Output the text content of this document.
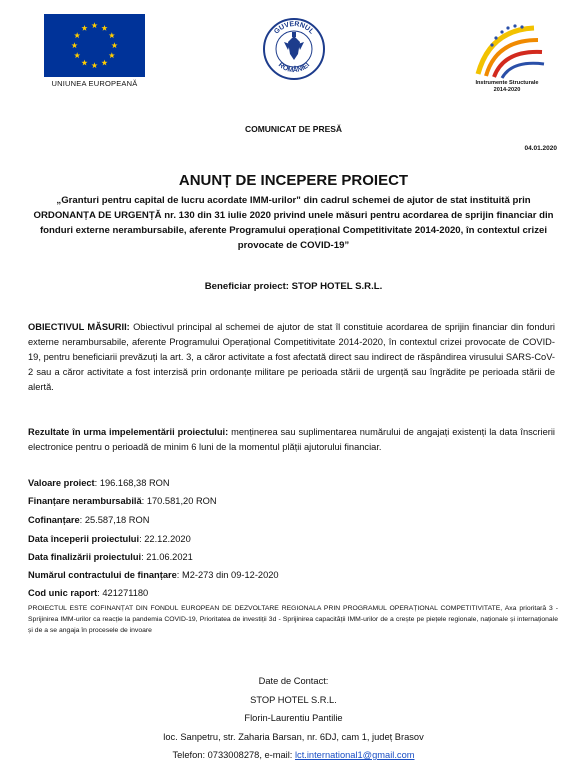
UNIUNEA EUROPEANĂ
GUVERNUL
ROMÂNIEI
Instrumente Structurale
2014-2020
COMUNICAT DE PRESĂ
04.01.2020
ANUNȚ DE INCEPERE PROIECT
„Granturi pentru capital de lucru acordate IMM-urilor" din cadrul schemei de ajutor de stat instituită prin ORDONANȚA DE URGENȚĂ nr. 130 din 31 iulie 2020 privind unele măsuri pentru acordarea de sprijin financiar din fonduri externe nerambursabile, aferente Programului operațional Competitivitate 2014-2020, în contextul crizei provocate de COVID-19”
Beneficiar proiect: STOP HOTEL S.R.L.
OBIECTIVUL MĂSURII: Obiectivul principal al schemei de ajutor de stat îl constituie acordarea de sprijin financiar din fonduri externe nerambursabile, aferente Programului Operațional Competitivitate 2014-2020, în contextul crizei provocate de COVID-19, pentru beneficiarii prevăzuți la art. 3, a căror activitate a fost afectată direct sau indirect de răspândirea virusului SARS-CoV-2 sau a căror activitate a fost interzisă prin ordonanțe militare pe perioada stării de urgență sau îngrădite pe perioada stării de alertă.
Rezultate în urma impelementării proiectului: menținerea sau suplimentarea numărului de angajați existenți la data înscrierii electronice pentru o perioadă de minim 6 luni de la momentul plății ajutorului financiar.
Valoare proiect: 196.168,38 RON
Finanțare nerambursabilă: 170.581,20 RON
Cofinanțare: 25.587,18 RON
Data începerii proiectului: 22.12.2020
Data finalizării proiectului: 21.06.2021
Numărul contractului de finanțare: M2-273 din 09-12-2020
Cod unic raport: 421271180
PROIECTUL ESTE COFINANȚAT DIN FONDUL EUROPEAN DE DEZVOLTARE REGIONALA PRIN PROGRAMUL OPERAȚIONAL COMPETITIVITATE, Axa prioritară 3 - Sprijinirea IMM-urilor ca reacție la pandemia COVID-19, Prioritatea de investiții 3d - Sprijinirea capacității IMM-urilor de a crește pe piețele regionale, naționale și internaționale și de a se angaja în procesele de invoare
Date de Contact:
STOP HOTEL S.R.L.
Florin-Laurentiu Pantilie
loc. Sanpetru, str. Zaharia Barsan, nr. 6DJ, cam 1, județ Brasov
Telefon: 0733008278, e-mail: lct.international1@gmail.com
